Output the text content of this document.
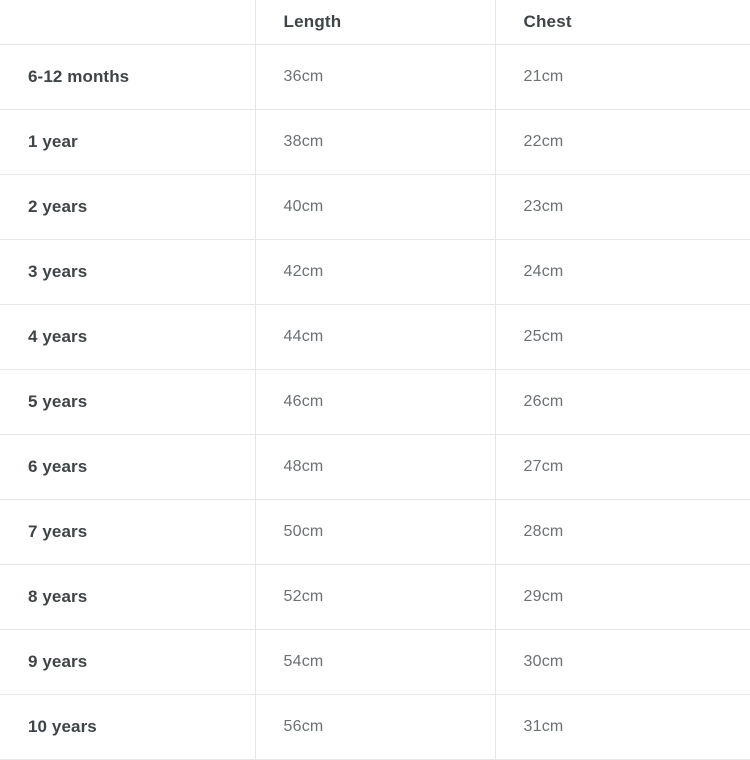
	Length	Chest
6-12 months	36cm	21cm
1 year	38cm	22cm
2 years	40cm	23cm
3 years	42cm	24cm
4 years	44cm	25cm
5 years	46cm	26cm
6 years	48cm	27cm
7 years	50cm	28cm
8 years	52cm	29cm
9 years	54cm	30cm
10 years	56cm	31cm
